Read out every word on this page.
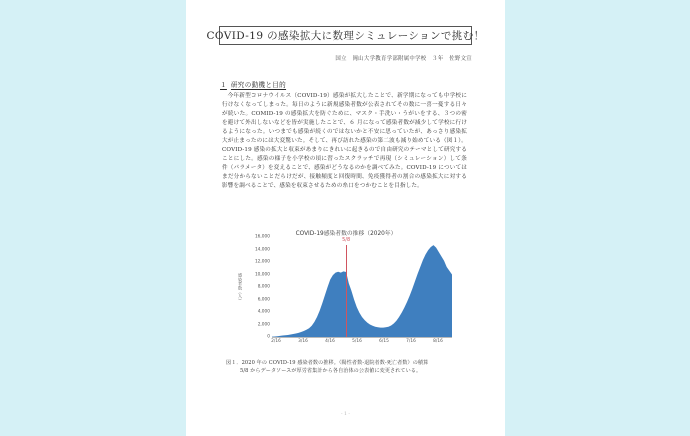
COVID-19 の感染拡大に数理シミュレーションで挑む！
国立　岡山大学教育学部附属中学校　３年　佐野文宣
１ 研究の動機と目的
今年新型コロナウイルス（COVID-19）感染が拡大したことで、新学期になっても中学校に行けなくなってしまった。毎日のように新規感染者数が公表されてその数に一喜一憂する日々が続いた。COMID-19 の感染拡大を防ぐために、マスク・手洗い・うがいをする、３つの密を避けて外出しないなどを皆が実施したことで、６ 月になって感染者数が減少して学校に行けるようになった。いつまでも感染が続くのではないかと不安に思っていたが、あっさり感染拡大が止まったのには大変驚いた。そして、再び訪れた感染の第二波も減り始めている（図１）。COVID-19 感染の拡大と収束があまりにきれいに起きるので自由研究のテーマとして研究することにした。感染の様子を小学校の頃に習ったスクラッチで再現（シミュレーション）して条件（パラメータ）を変えることで、感染がどうなるのかを調べてみた。COVID-19 についてはまだ分からないことだらけだが、接触頻度と回復時間、免疫獲得者の割合の感染拡大に対する影響を調べることで、感染を収束させるための糸口をつかむことを目指した。
COVID-19感染者数の推移（2020年）
感染者数（人）
16,000
14,000
12,000
10,000
8,000
6,000
4,000
2,000
0
5/8
2/16	3/16	4/16	5/16	6/15	7/16	8/16
図１．2020 年の COVID-19 感染者数の推移。（陽性者数-退院者数-死亡者数）の積算
5/8 からデータソースが厚労省集計から各自治体の公表値に変更されている。
- 1 -
